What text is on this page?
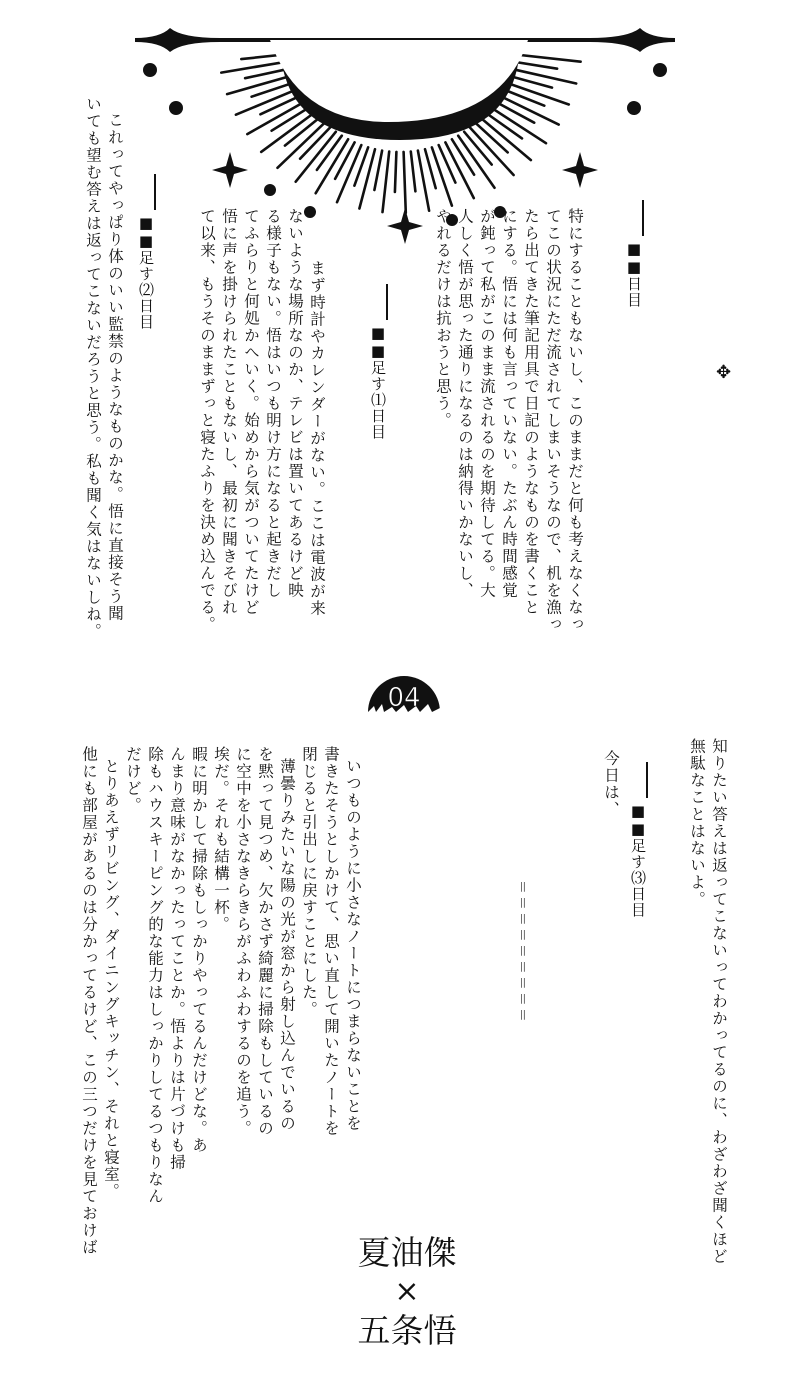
■■日目
特にすることもないし、このままだと何も考えなくなっ
てこの状況にただ流されてしまいそうなので、机を漁っ
たら出てきた筆記用具で日記のようなものを書くこと
にする。悟には何も言っていない。たぶん時間感覚
が鈍って私がこのまま流されるのを期待してる。大
人しく悟が思った通りになるのは納得いかないし、
やれるだけは抗おうと思う。
■■足す⑴日目
まず時計やカレンダーがない。ここは電波が来
ないような場所なのか、テレビは置いてあるけど映
る様子もない。悟はいつも明け方になると起きだし
てふらりと何処かへいく。始めから気がついてたけど
悟に声を掛けられたこともないし、最初に聞きそびれ
て以来、もうそのままずっと寝たふりを決め込んでる。
■■足す⑵日目
これってやっぱり体のいい監禁のようなものかな。悟に直接そう聞
いても望む答えは返ってこないだろうと思う。私も聞く気はないしね。	✥
04
知りたい答えは返ってこないってわかってるのに、わざわざ聞くほど
無駄なことはないよ。
■■足す⑶日目
今日は、
＝＝＝＝＝＝＝＝＝
いつものように小さなノートにつまらないことを
書きたそうとしかけて、思い直して開いたノートを
閉じると引出しに戻すことにした。
薄曇りみたいな陽の光が窓から射し込んでいるの
を黙って見つめ、欠かさず綺麗に掃除もしているの
に空中を小さなきらきらがふわふわするのを追う。
埃だ。それも結構一杯。
暇に明かして掃除もしっかりやってるんだけどな。あ
んまり意味がなかったってことか。悟よりは片づけも掃
除もハウスキーピング的な能力はしっかりしてるつもりなん
だけど。
とりあえずリビング、ダイニングキッチン、それと寝室。
他にも部屋があるのは分かってるけど、この三つだけを見ておけば	夏油傑
×
五条悟
